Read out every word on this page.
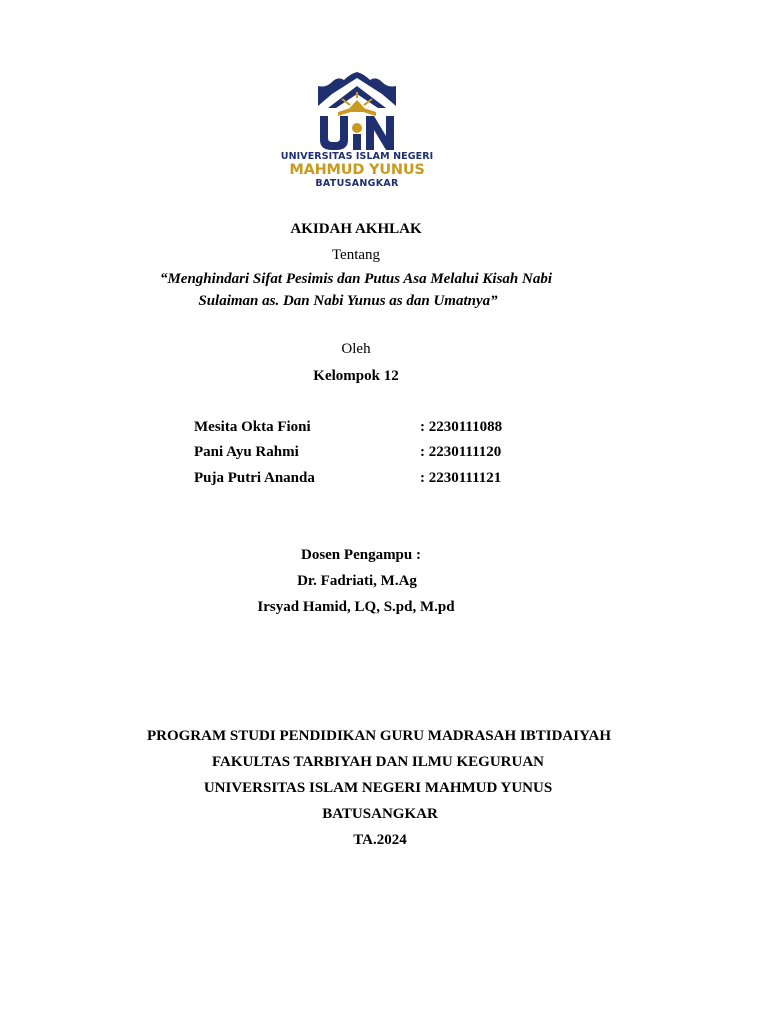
UNIVERSITAS ISLAM NEGERI
MAHMUD YUNUS
BATUSANGKAR
AKIDAH AKHLAK
Tentang
“Menghindari Sifat Pesimis dan Putus Asa Melalui Kisah Nabi
Sulaiman as. Dan Nabi Yunus as dan Umatnya”
Oleh
Kelompok 12
Mesita Okta Fioni	: 2230111088
Pani Ayu Rahmi	: 2230111120
Puja Putri Ananda	: 2230111121
Dosen Pengampu :
Dr. Fadriati, M.Ag
Irsyad Hamid, LQ, S.pd, M.pd
PROGRAM STUDI PENDIDIKAN GURU MADRASAH IBTIDAIYAH
FAKULTAS TARBIYAH DAN ILMU KEGURUAN
UNIVERSITAS ISLAM NEGERI MAHMUD YUNUS
BATUSANGKAR
TA.2024
